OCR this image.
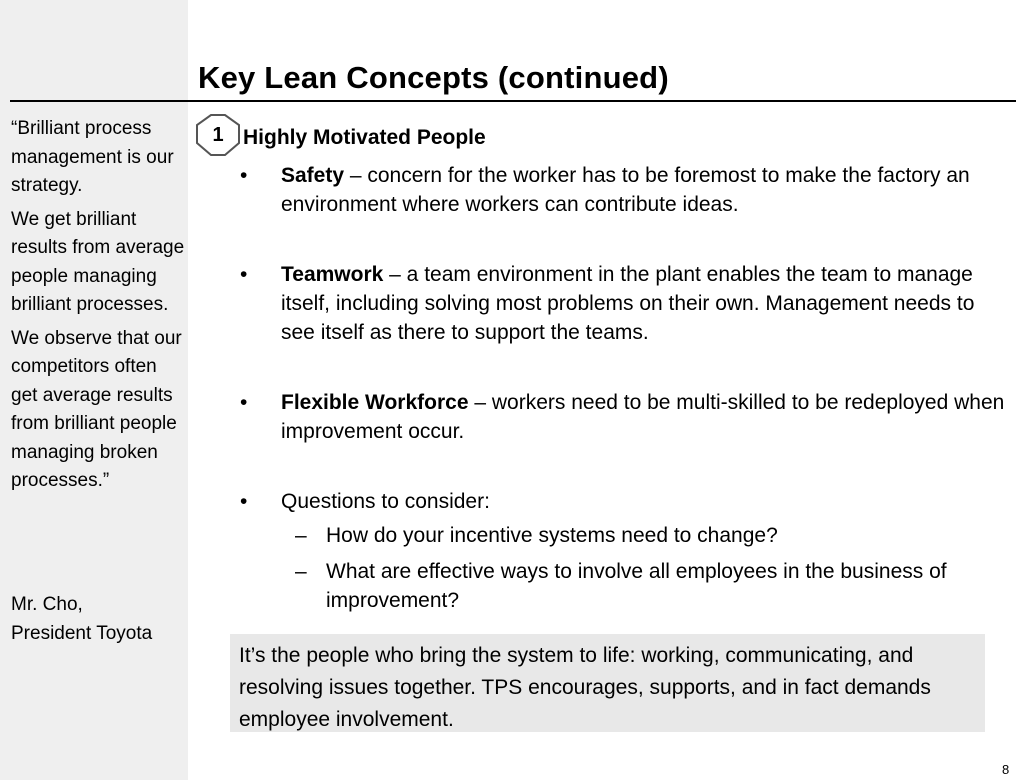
Key Lean Concepts (continued)

“Brilliant process management is our strategy.

We get brilliant results from average people managing brilliant processes.

We observe that our competitors often get average results from brilliant people managing broken processes.”

Mr. Cho,
President Toyota
1 Highly Motivated People
• Safety – concern for the worker has to be foremost to make the factory an environment where workers can contribute ideas.
• Teamwork – a team environment in the plant enables the team to manage itself, including solving most problems on their own. Management needs to see itself as there to support the teams.
• Flexible Workforce – workers need to be multi-skilled to be redeployed when improvement occur.
• Questions to consider:
– How do your incentive systems need to change?
– What are effective ways to involve all employees in the business of improvement?
It’s the people who bring the system to life: working, communicating, and resolving issues together. TPS encourages, supports, and in fact demands employee involvement.
8
